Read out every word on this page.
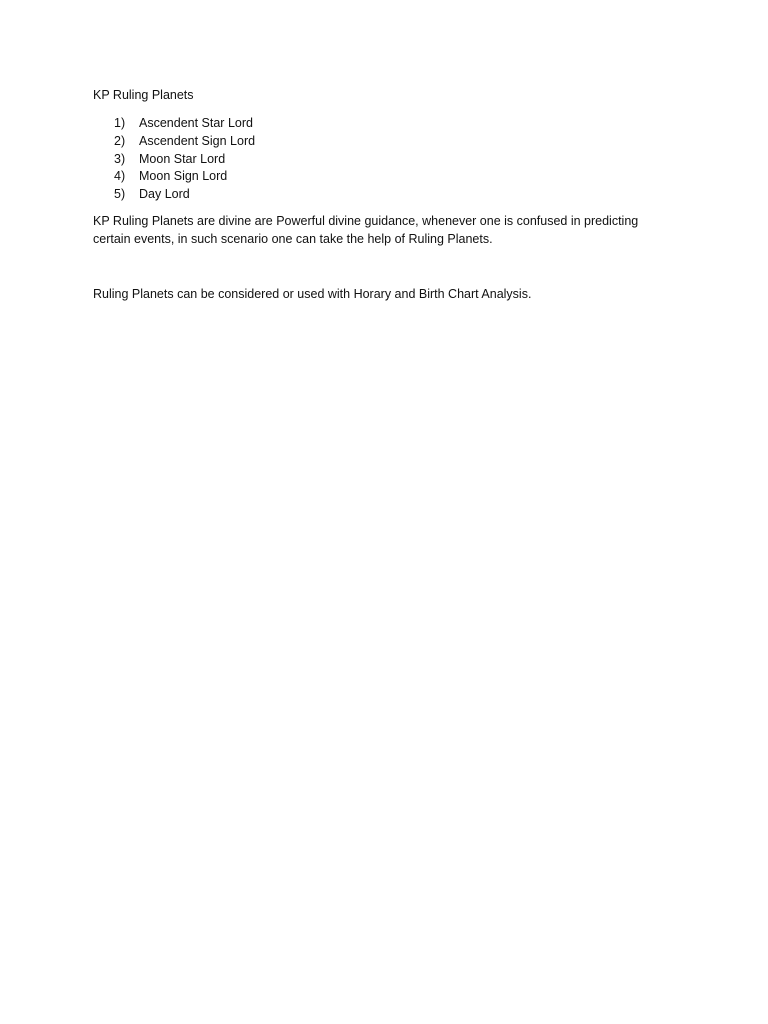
KP Ruling Planets
1)	Ascendent Star Lord
2)	Ascendent Sign Lord
3)	Moon Star Lord
4)	Moon Sign Lord
5)	Day Lord

KP Ruling Planets are divine are Powerful divine guidance, whenever one is confused in predicting certain events, in such scenario one can take the help of Ruling Planets.

Ruling Planets can be considered or used with Horary and Birth Chart Analysis.
